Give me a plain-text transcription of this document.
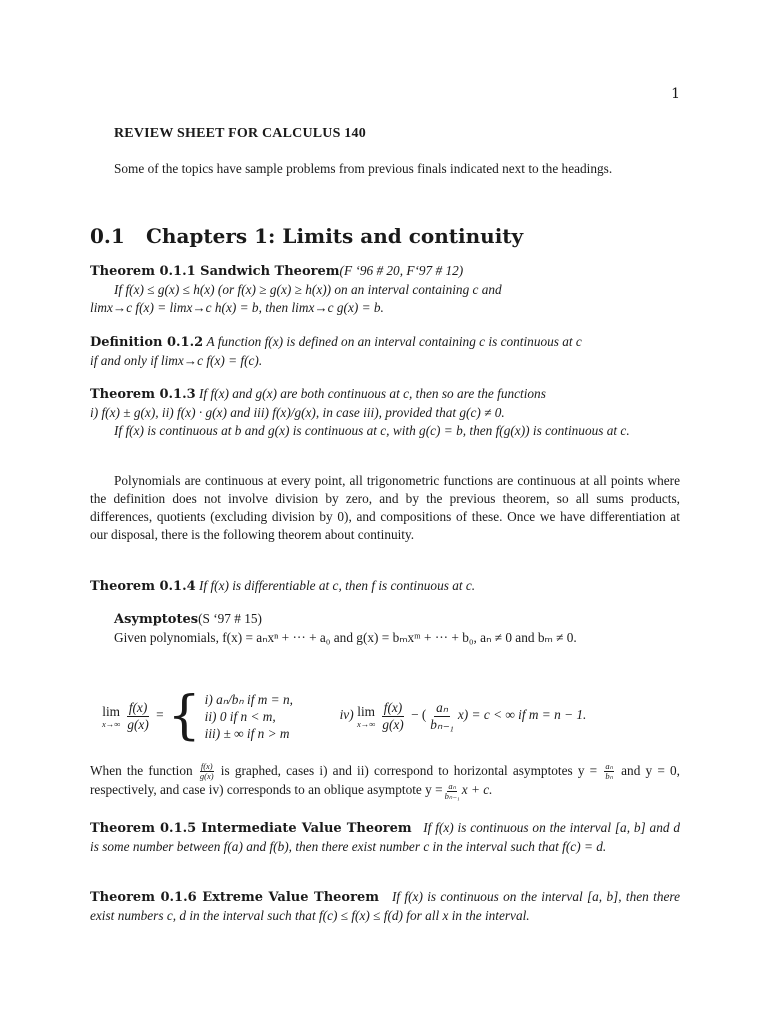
1
REVIEW SHEET FOR CALCULUS 140
Some of the topics have sample problems from previous finals indicated next to the headings.
0.1 Chapters 1: Limits and continuity
Theorem 0.1.1 Sandwich Theorem(F ‘96 # 20, F‘97 # 12)
If f(x) ≤ g(x) ≤ h(x) (or f(x) ≥ g(x) ≥ h(x)) on an interval containing c and
limx→c f(x) = limx→c h(x) = b, then limx→c g(x) = b.
Definition 0.1.2 A function f(x) is defined on an interval containing c is continuous at c
if and only if limx→c f(x) = f(c).
Theorem 0.1.3 If f(x) and g(x) are both continuous at c, then so are the functions
i) f(x) ± g(x), ii) f(x) · g(x) and iii) f(x)/g(x), in case iii), provided that g(c) ≠ 0.
If f(x) is continuous at b and g(x) is continuous at c, with g(c) = b, then f(g(x)) is continuous at c.
Polynomials are continuous at every point, all trigonometric functions are continuous at all points where the definition does not involve division by zero, and by the previous theorem, so all sums products, differences, quotients (excluding division by 0), and compositions of these. Once we have differentiation at our disposal, there is the following theorem about continuity.
Theorem 0.1.4 If f(x) is differentiable at c, then f is continuous at c.
Asymptotes(S ‘97 # 15)
Given polynomials, f(x) = aₙxⁿ + ··· + a₀ and g(x) = bₘxᵐ + ··· + b₀, aₙ ≠ 0 and bₘ ≠ 0.
lim
$x\to\infty \frac{f(x)}{g(x)}$ ={ i) aₙ/bₙ if m = n,
ii) 0 if n < m,
iii) ± ∞ if n > m
iv) lim
$x\to\infty \frac{f(x)}{g(x)}$ − ( $\frac{\text{aₙ}}{\text{bₙ₋₁}} x) = c$ < ∞ if m = n − 1.
When the function $\frac{f(x)}{g(x)}$ is graphed, cases i) and ii) correspond to horizontal asymptotes $y = \frac{\text{aₙ}}{\text{bₙ}}$ and y = 0, respectively, and case iv) corresponds to an oblique asymptote $y = \frac{\text{aₙ}}{\text{bₙ₋₁}}$ x + c.
Theorem 0.1.5 Intermediate Value Theorem If f(x) is continuous on the interval [a, b] and d is some number between f(a) and f(b), then there exist number c in the interval such that f(c) = d.
Theorem 0.1.6 Extreme Value Theorem If f(x) is continuous on the interval [a, b], then there exist numbers c, d in the interval such that f(c) ≤ f(x) ≤ f(d) for all x in the interval.
